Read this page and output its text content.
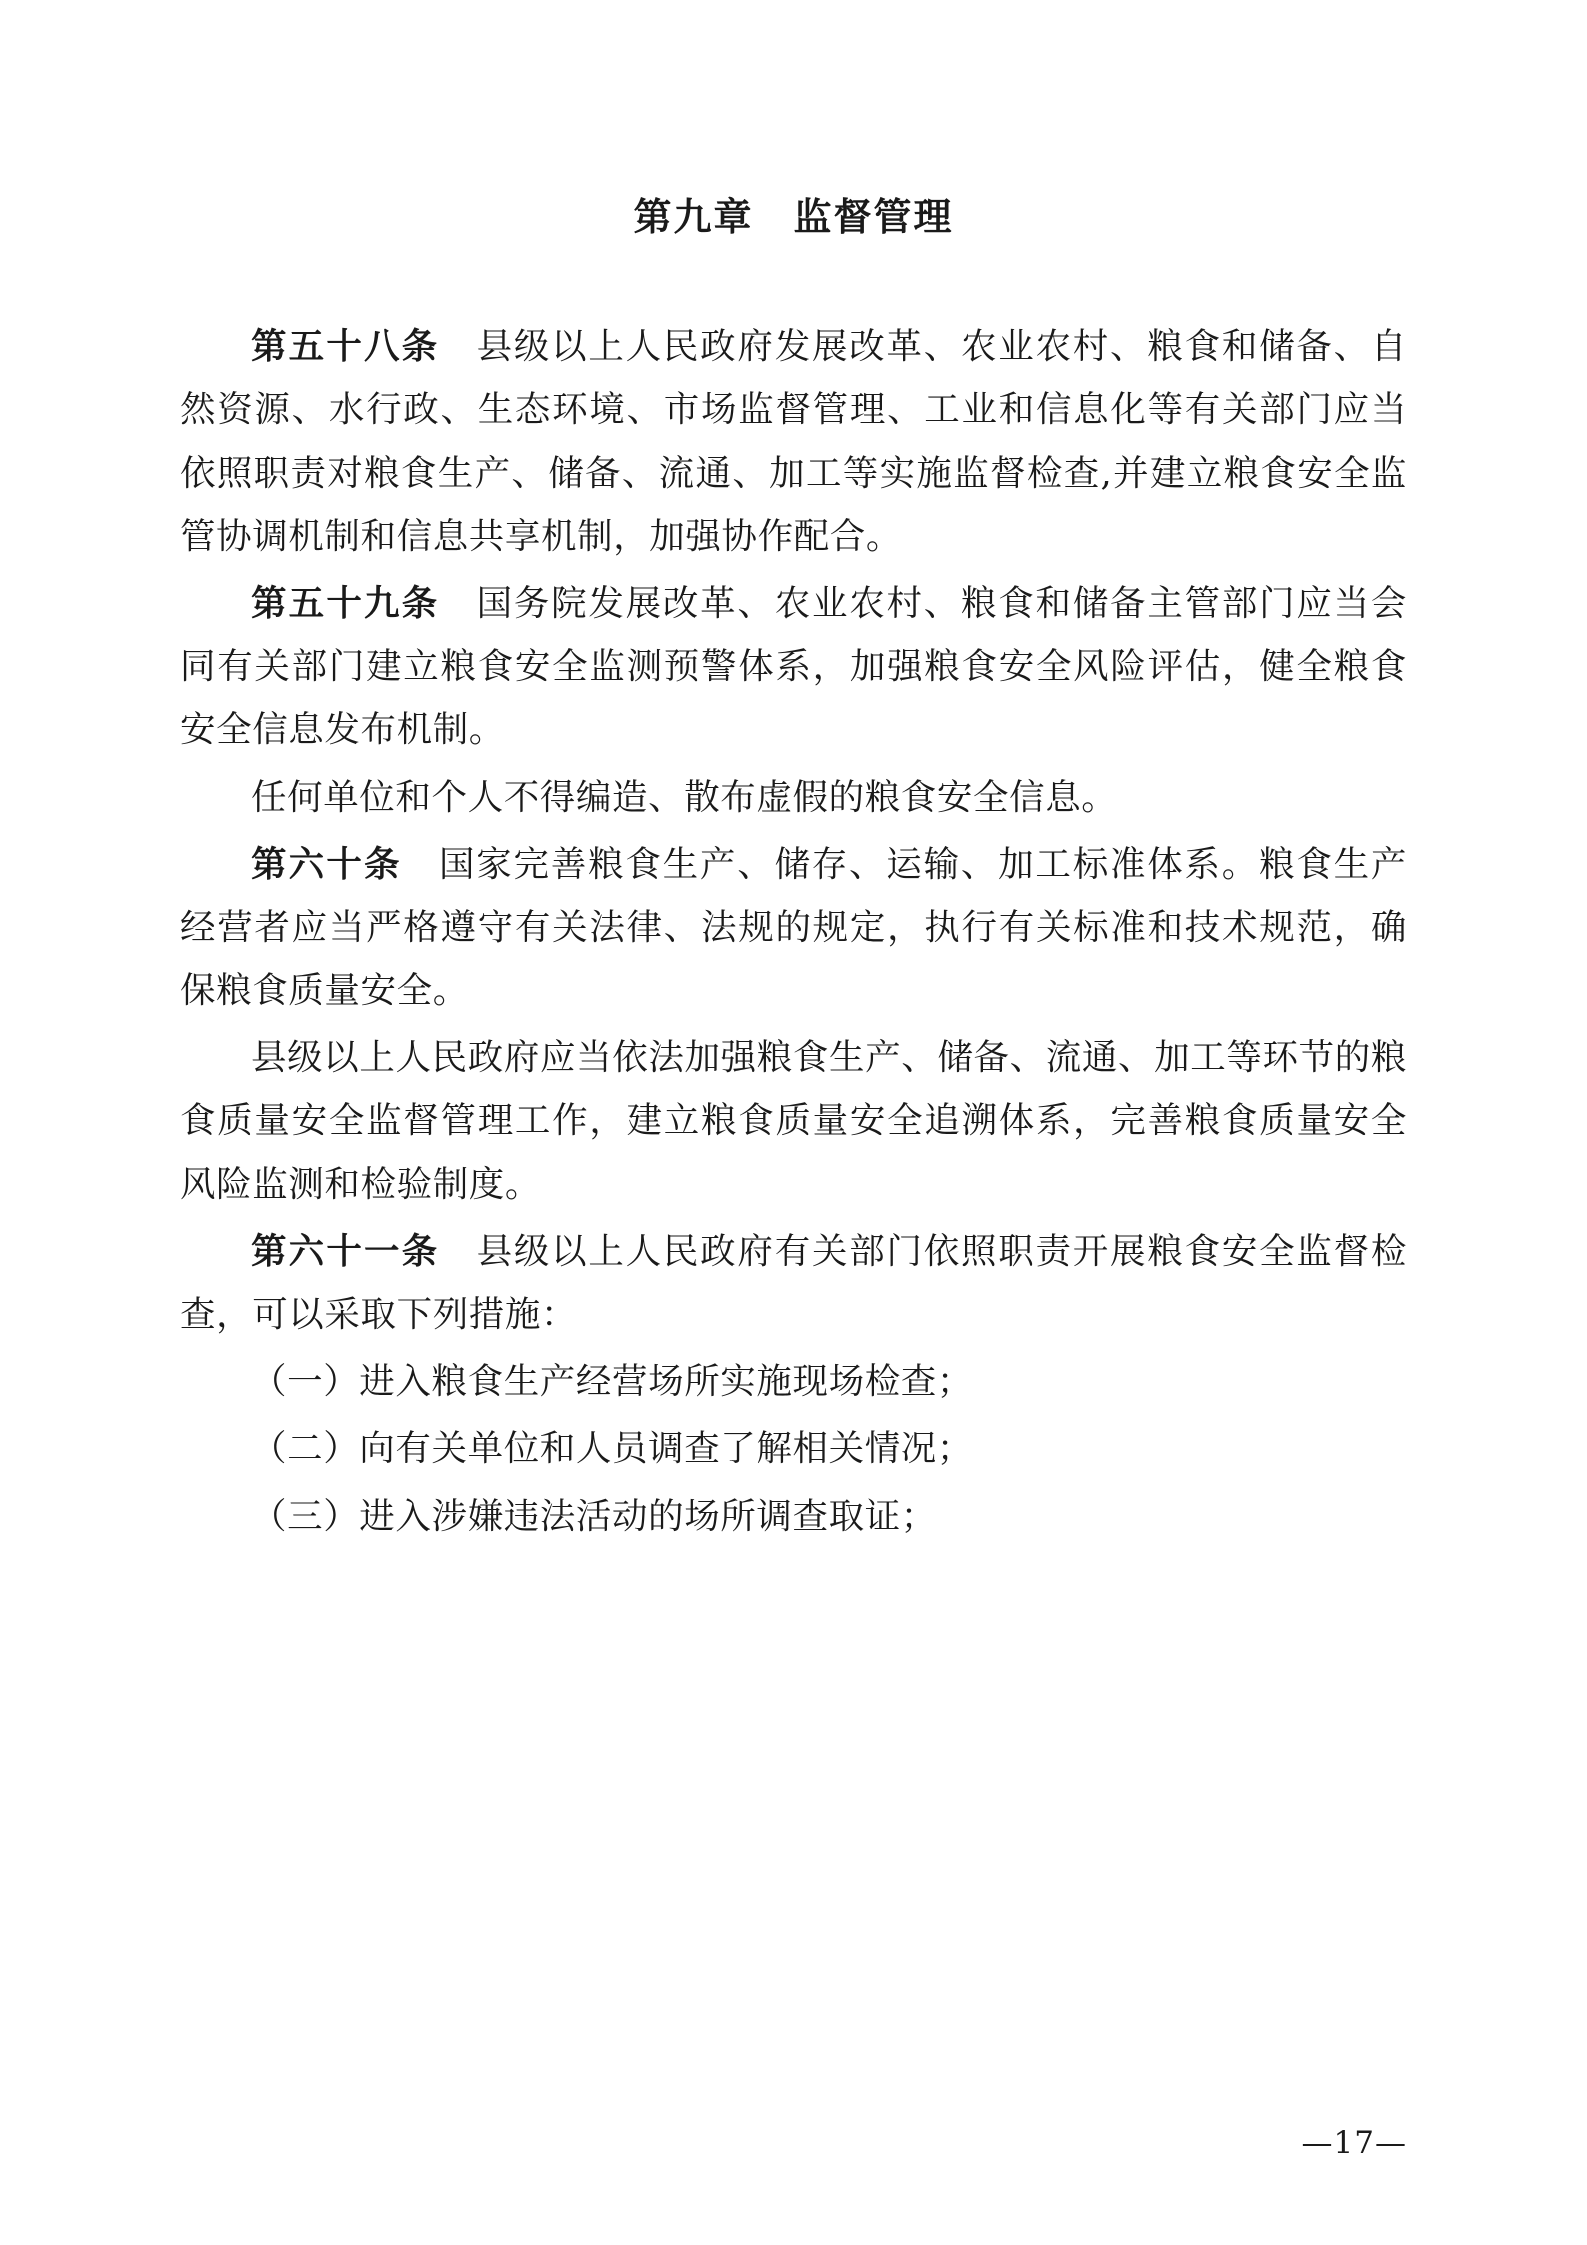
第九章　监督管理

第五十八条　县级以上人民政府发展改革、农业农村、粮食和储备、自然资源、水行政、生态环境、市场监督管理、工业和信息化等有关部门应当依照职责对粮食生产、储备、流通、加工等实施监督检查,并建立粮食安全监管协调机制和信息共享机制，加强协作配合。

第五十九条　国务院发展改革、农业农村、粮食和储备主管部门应当会同有关部门建立粮食安全监测预警体系，加强粮食安全风险评估，健全粮食安全信息发布机制。

任何单位和个人不得编造、散布虚假的粮食安全信息。

第六十条　国家完善粮食生产、储存、运输、加工标准体系。粮食生产经营者应当严格遵守有关法律、法规的规定，执行有关标准和技术规范，确保粮食质量安全。

县级以上人民政府应当依法加强粮食生产、储备、流通、加工等环节的粮食质量安全监督管理工作，建立粮食质量安全追溯体系，完善粮食质量安全风险监测和检验制度。

第六十一条　县级以上人民政府有关部门依照职责开展粮食安全监督检查，可以采取下列措施：

（一）进入粮食生产经营场所实施现场检查；

（二）向有关单位和人员调查了解相关情况；

（三）进入涉嫌违法活动的场所调查取证；

—17—
